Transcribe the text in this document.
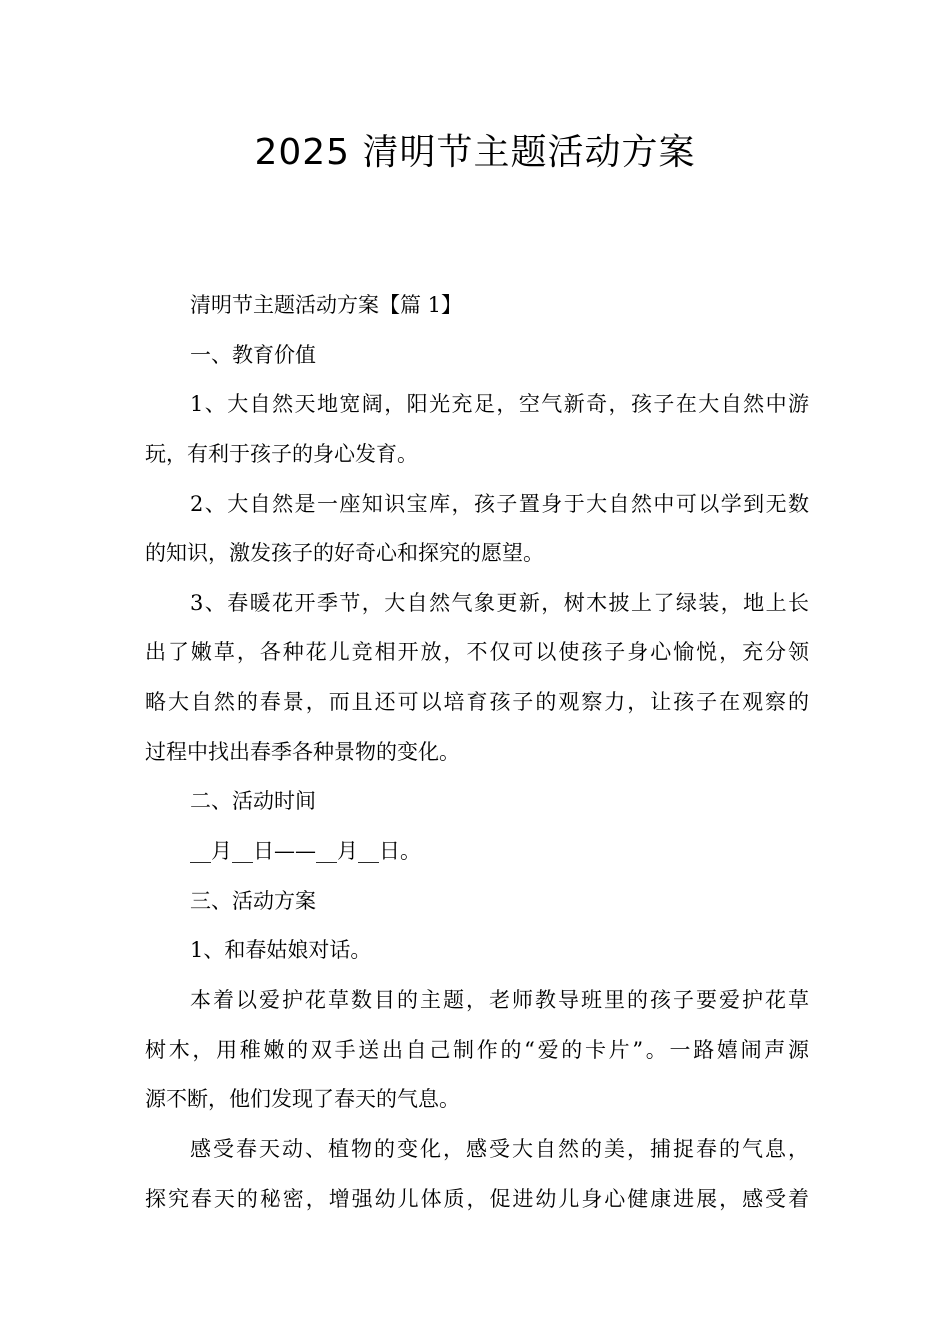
2025 清明节主题活动方案
清明节主题活动方案【篇 1】
一、教育价值
1、大自然天地宽阔，阳光充足，空气新奇，孩子在大自然中游
玩，有利于孩子的身心发育。
2、大自然是一座知识宝库，孩子置身于大自然中可以学到无数
的知识，激发孩子的好奇心和探究的愿望。
3、春暖花开季节，大自然气象更新，树木披上了绿装，地上长
出了嫩草，各种花儿竞相开放，不仅可以使孩子身心愉悦，充分领
略大自然的春景，而且还可以培育孩子的观察力，让孩子在观察的
过程中找出春季各种景物的变化。
二、活动时间
__月__日——__月__日。
三、活动方案
1、和春姑娘对话。
本着以爱护花草数目的主题，老师教导班里的孩子要爱护花草
树木，用稚嫩的双手送出自己制作的“爱的卡片”。一路嬉闹声源
源不断，他们发现了春天的气息。
感受春天动、植物的变化，感受大自然的美，捕捉春的气息，
探究春天的秘密，增强幼儿体质，促进幼儿身心健康进展，感受着
